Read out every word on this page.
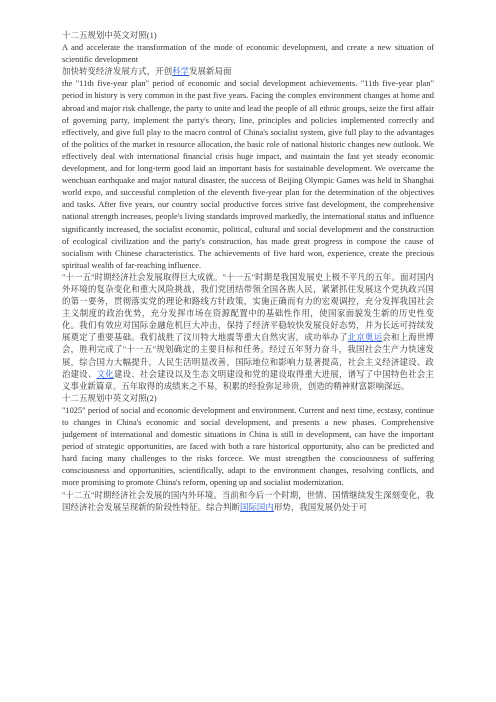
十二五规划中英文对照(1)

A and accelerate the transformation of the mode of economic development, and create a new situation of scientific development

加快转变经济发展方式，开创科学发展新局面

the "11th five-year plan" period of economic and social development achievements. "11th five-year plan" period in history is very common in the past five years. Facing the complex environment changes at home and abroad and major risk challenge, the party to unite and lead the people of all ethnic groups, seize the first affair of governing party, implement the party's theory, line, principles and policies implemented correctly and effectively, and give full play to the macro control of China's socialist system, give full play to the advantages of the politics of the market in resource allocation, the basic role of national historic changes new outlook. We effectively deal with international financial crisis huge impact, and maintain the fast yet steady economic development, and for long-term good laid an important basis for sustainable development. We overcame the wenchuan earthquake and major natural disaster, the success of Beijing Olympic Games was held in Shanghai world expo, and successful completion of the eleventh five-year plan for the determination of the objectives and tasks. After five years, our country social productive forces strive fast development, the comprehensive national strength increases, people's living standards improved markedly, the international status and influence significantly increased, the socialist economic, political, cultural and social development and the construction of ecological civilization and the party's construction, has made great progress in compose the cause of socialism with Chinese characteristics. The achievements of five hard won, experience, create the precious spiritual wealth of far-reaching influence.

"十一五"时期经济社会发展取得巨大成就。"十一五"时期是我国发展史上极不平凡的五年。面对国内外环境的复杂变化和重大风险挑战，我们党团结带领全国各族人民，紧紧抓住发展这个党执政兴国的第一要务，贯彻落实党的理论和路线方针政策，实施正确而有力的宏观调控，充分发挥我国社会主义制度的政治优势，充分发挥市场在资源配置中的基础性作用，使国家面貌发生新的历史性变化。我们有效应对国际金融危机巨大冲击，保持了经济平稳较快发展良好态势，并为长远可持续发展奠定了重要基础。我们战胜了汶川特大地震等重大自然灾害，成功举办了北京奥运会和上海世博会，胜利完成了"十一五"规划确定的主要目标和任务。经过五年努力奋斗，我国社会生产力快速发展，综合国力大幅提升，人民生活明显改善，国际地位和影响力显著提高，社会主义经济建设、政治建设、文化建设、社会建设以及生态文明建设和党的建设取得重大进展，谱写了中国特色社会主义事业新篇章。五年取得的成绩来之不易，积累的经验弥足珍贵，创造的精神财富影响深远。

十二五规划中英文对照(2)

"1025" period of social and economic development and environment. Current and next time, ecstasy, continue to changes in China's economic and social development, and presents a new phases. Comprehensive judgement of international and domestic situations in China is still in development, can have the important period of strategic opportunities, are faced with both a rare historical opportunity, also can be predicted and hard facing many challenges to the risks forcece. We must strengthen the consciousness of suffering consciousness and opportunities, scientifically, adapt to the environment changes, resolving conflicts, and more promising to promote China's reform, opening up and socialist modernization.

"十二五"时期经济社会发展的国内外环境。当前和今后一个时期，世情、国情继续发生深刻变化，我国经济社会发展呈现新的阶段性特征。综合判断国际国内形势，我国发展仍处于可
